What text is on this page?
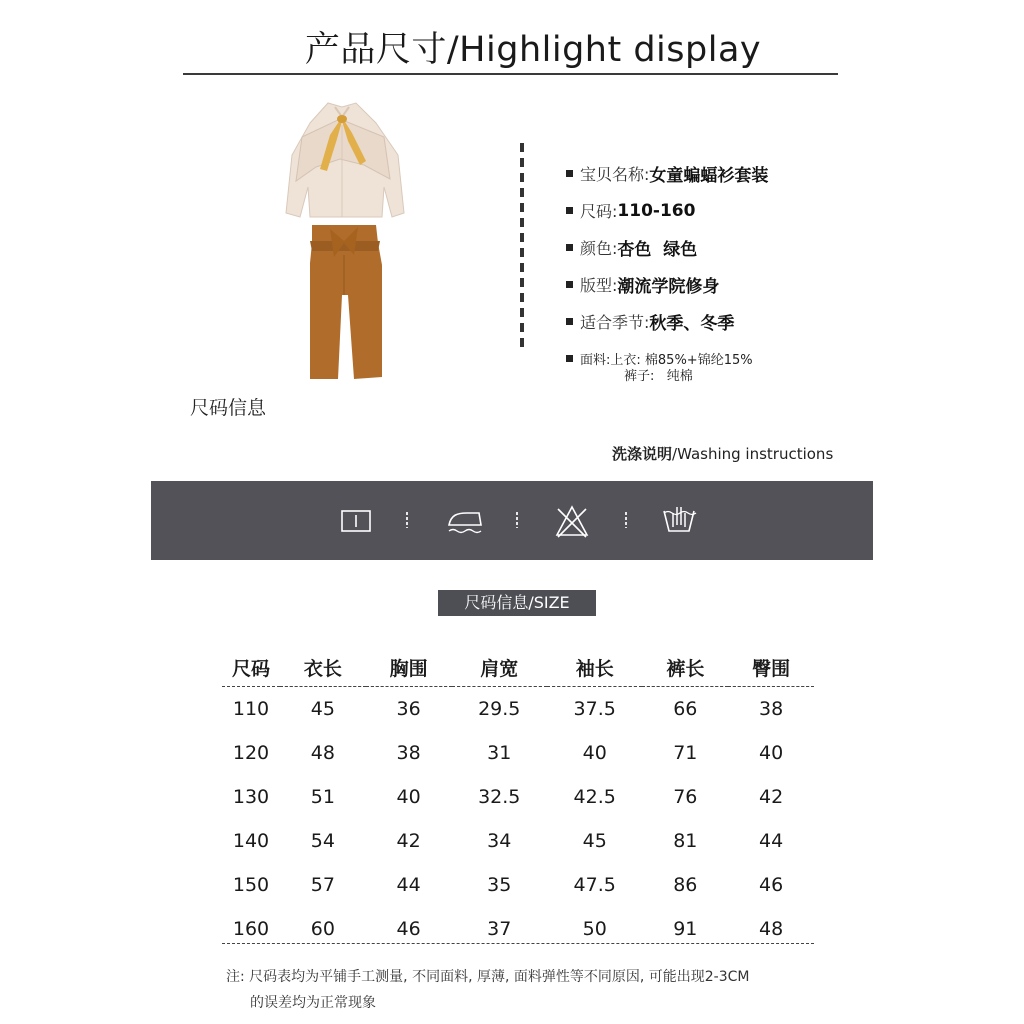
产品尺寸/Highlight display
尺码信息
宝贝名称: 女童蝙蝠衫套装
尺码: 110-160
颜色: 杏色  绿色
版型: 潮流学院修身
适合季节: 秋季、冬季
面料: 上衣: 棉85%+锦纶15%
裤子:   纯棉
洗涤说明/Washing instructions
尺码信息/SIZE
尺码	衣长	胸围	肩宽	袖长	裤长	臀围

110	45	36	29.5	37.5	66	38
120	48	38	31	40	71	40
130	51	40	32.5	42.5	76	42
140	54	42	34	45	81	44
150	57	44	35	47.5	86	46
160	60	46	37	50	91	48
注: 尺码表均为平铺手工测量, 不同面料, 厚薄, 面料弹性等不同原因, 可能出现2-3CM
的误差均为正常现象
